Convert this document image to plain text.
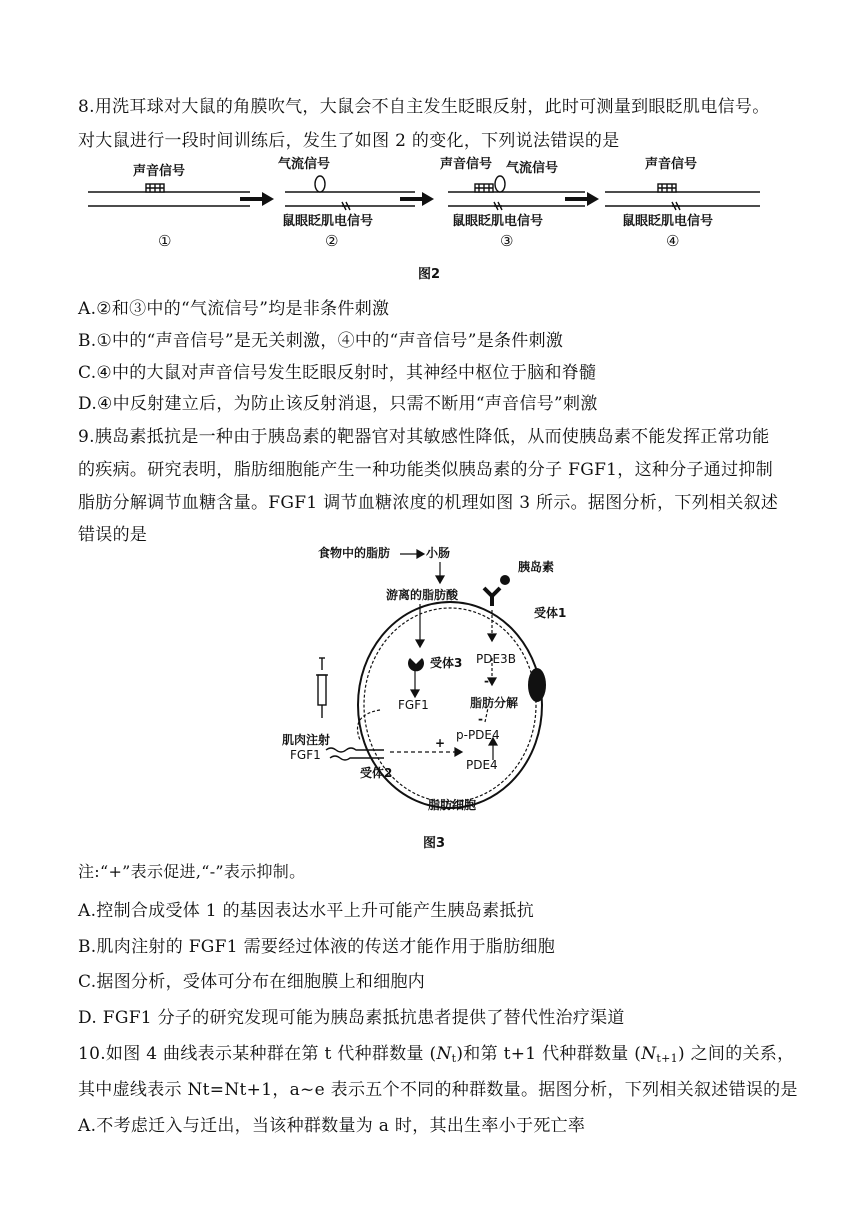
8.用洗耳球对大鼠的角膜吹气，大鼠会不自主发生眨眼反射，此时可测量到眼眨肌电信号。
对大鼠进行一段时间训练后，发生了如图 2 的变化，下列说法错误的是
声音信号	气流信号
鼠眼眨肌电信号
声音信号 气流信号
鼠眼眨肌电信号
声音信号
鼠眼眨肌电信号
①	②	③	④
图2
A.②和③中的“气流信号”均是非条件刺激
B.①中的“声音信号”是无关刺激，④中的“声音信号”是条件刺激
C.④中的大鼠对声音信号发生眨眼反射时，其神经中枢位于脑和脊髓
D.④中反射建立后，为防止该反射消退，只需不断用“声音信号”刺激
9.胰岛素抵抗是一种由于胰岛素的靶器官对其敏感性降低，从而使胰岛素不能发挥正常功能
的疾病。研究表明，脂肪细胞能产生一种功能类似胰岛素的分子 FGF1，这种分子通过抑制
脂肪分解调节血糖含量。FGF1 调节血糖浓度的机理如图 3 所示。据图分析，下列相关叙述
错误的是
食物中的脂肪	小肠
胰岛素
游离的脂肪酸
受体1
受体3 PDE3B
FGF1	脂肪分解
-
-
p-PDE4
+
肌肉注射
FGF1
受体2
PDE4
脂肪细胞
图3
注:“+”表示促进,“-”表示抑制。
A.控制合成受体 1 的基因表达水平上升可能产生胰岛素抵抗
B.肌肉注射的 FGF1 需要经过体液的传送才能作用于脂肪细胞
C.据图分析，受体可分布在细胞膜上和细胞内
D. FGF1 分子的研究发现可能为胰岛素抵抗患者提供了替代性治疗渠道
10.如图 4 曲线表示某种群在第 t 代种群数量 $(N_t)$和第 t+1 代种群数量 $(N_{t+1})$ 之间的关系，
其中虚线表示 Nt=Nt+1，a~e 表示五个不同的种群数量。据图分析，下列相关叙述错误的是
A.不考虑迁入与迁出，当该种群数量为 a 时，其出生率小于死亡率
